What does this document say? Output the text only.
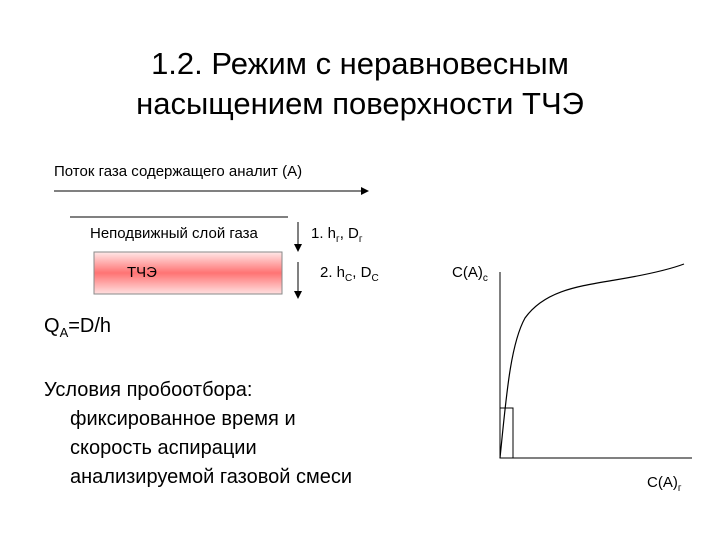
1.2. Режим с неравновесным
насыщением поверхности ТЧЭ
Поток газа содержащего аналит (А)
Неподвижный слой газа
ТЧЭ
1. $h_г$, $D_г$
2. $h_С$, $D_С$
$Q_A=D/h$
Условия пробоотбора:
фиксированное время и
скорость аспирации
анализируемой газовой смеси
$C(A)_с$
$C(A)_г$
